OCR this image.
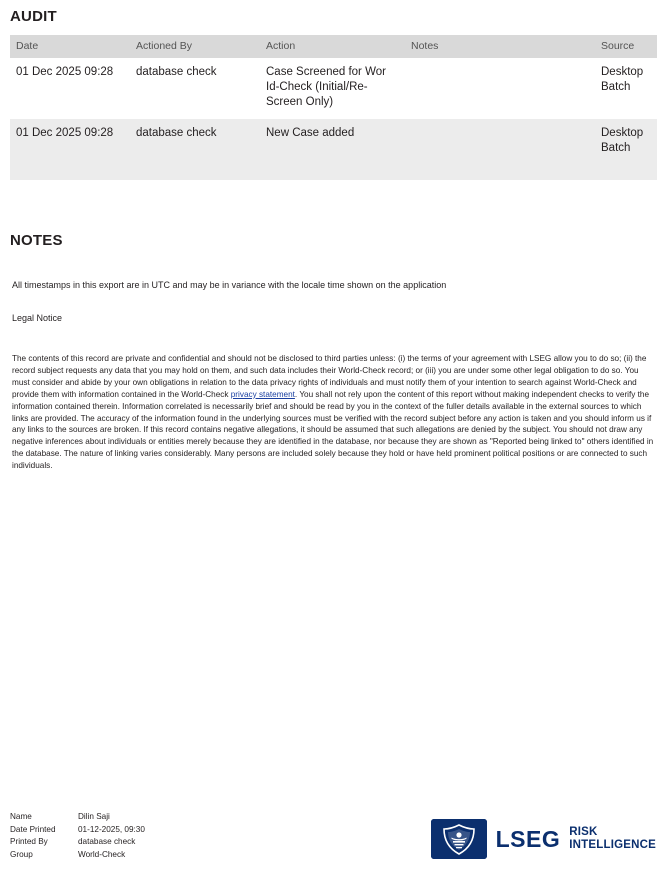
AUDIT
Date	Actioned By	Action	Notes	Source
01 Dec 2025 09:28	database check	Case Screened for Wor Id-Check (Initial/Re-Screen Only)		Desktop Batch
01 Dec 2025 09:28	database check	New Case added		Desktop Batch

NOTES

All timestamps in this export are in UTC and may be in variance with the locale time shown on the application

Legal Notice

The contents of this record are private and confidential and should not be disclosed to third parties unless: (i) the terms of your agreement with LSEG allow you to do so; (ii) the record subject requests any data that you may hold on them, and such data includes their World-Check record; or (iii) you are under some other legal obligation to do so. You must consider and abide by your own obligations in relation to the data privacy rights of individuals and must notify them of your intention to search against World-Check and provide them with information contained in the World-Check privacy statement. You shall not rely upon the content of this report without making independent checks to verify the information contained therein. Information correlated is necessarily brief and should be read by you in the context of the fuller details available in the external sources to which links are provided. The accuracy of the information found in the underlying sources must be verified with the record subject before any action is taken and you should inform us if any links to the sources are broken. If this record contains negative allegations, it should be assumed that such allegations are denied by the subject. You should not draw any negative inferences about individuals or entities merely because they are identified in the database, nor because they are shown as "Reported being linked to" others identified in the database. The nature of linking varies considerably. Many persons are included solely because they hold or have held prominent political positions or are connected to such individuals.

Name	Dilin Saji
Date Printed	01-12-2025, 09:30
Printed By	database check
Group	World-Check
LSEG RISK
INTELLIGENCE
